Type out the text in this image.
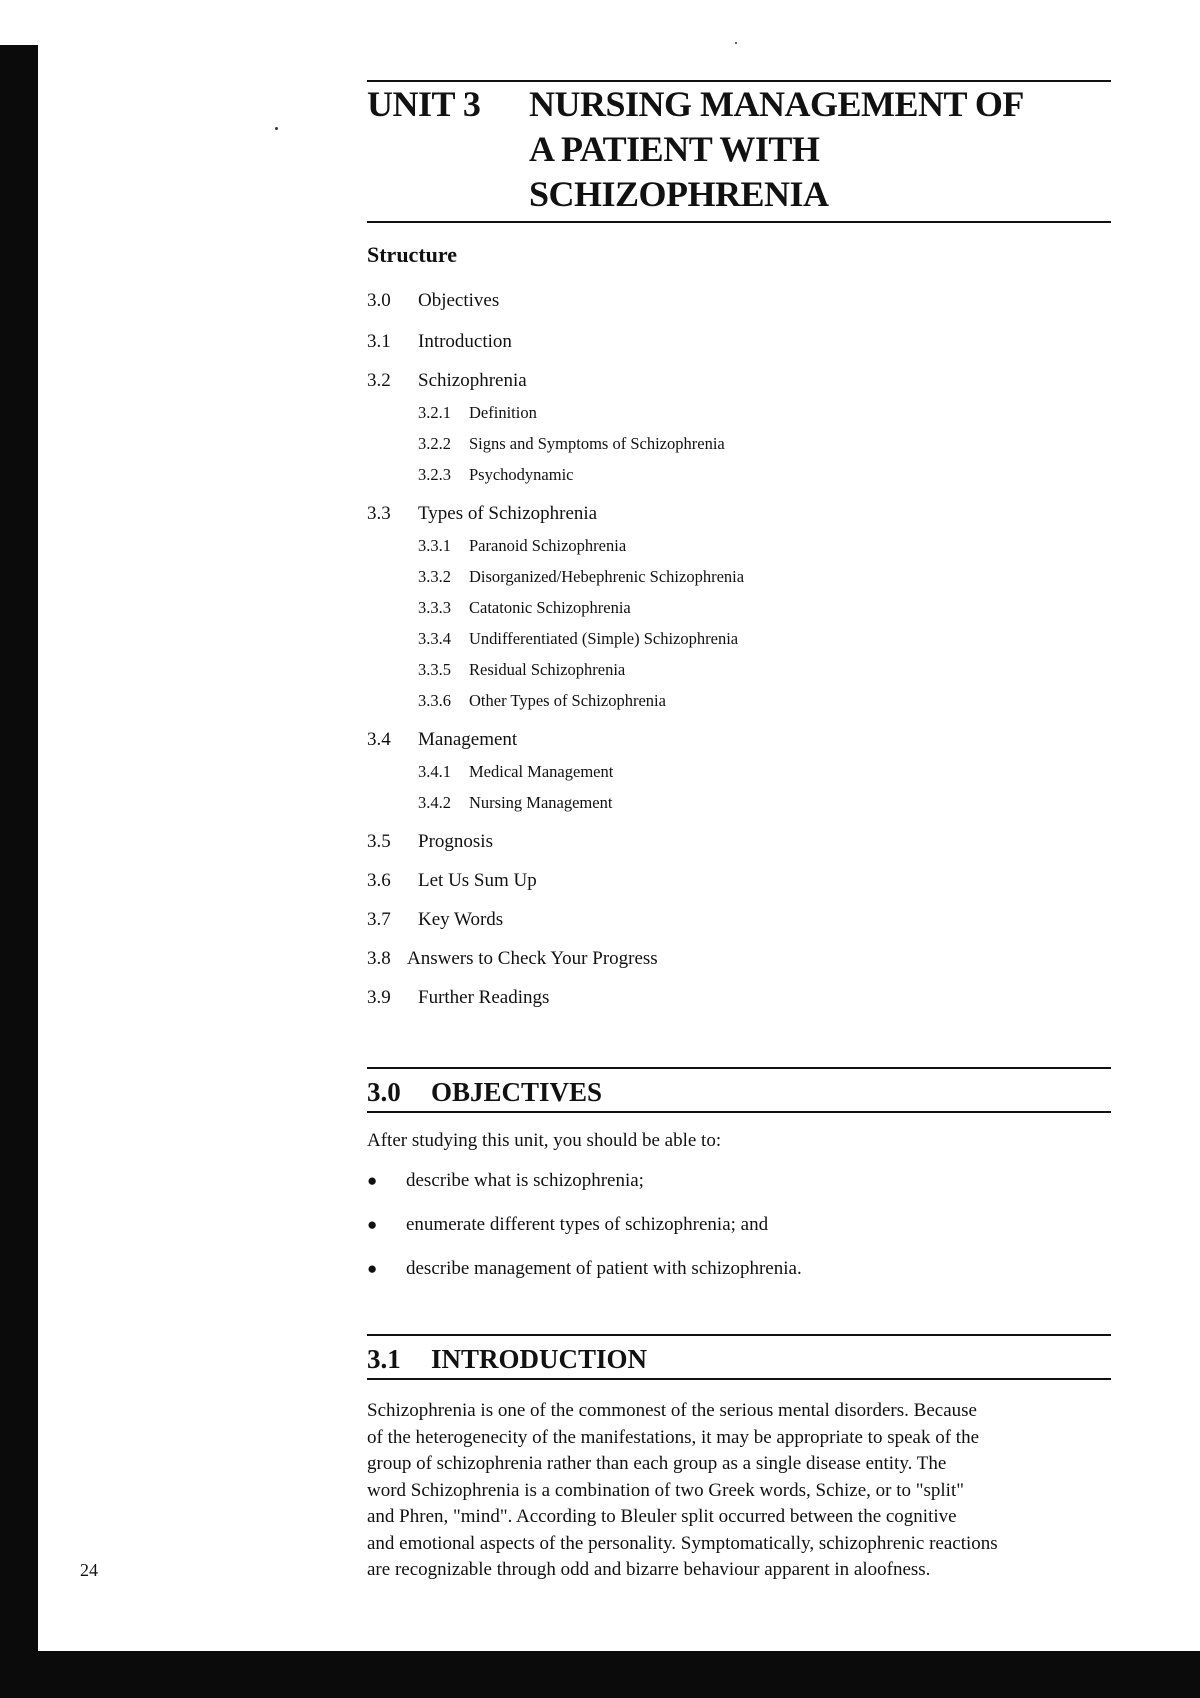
UNIT 3	NURSING MANAGEMENT OF
A PATIENT WITH
SCHIZOPHRENIA
Structure
3.0	Objectives
3.1	Introduction
3.2	Schizophrenia
3.2.1	Definition
3.2.2	Signs and Symptoms of Schizophrenia
3.2.3	Psychodynamic
3.3	Types of Schizophrenia
3.3.1	Paranoid Schizophrenia
3.3.2	Disorganized/Hebephrenic Schizophrenia
3.3.3	Catatonic Schizophrenia
3.3.4	Undifferentiated (Simple) Schizophrenia
3.3.5	Residual Schizophrenia
3.3.6	Other Types of Schizophrenia
3.4	Management
3.4.1	Medical Management
3.4.2	Nursing Management
3.5	Prognosis
3.6	Let Us Sum Up
3.7	Key Words
3.8 Answers to Check Your Progress
3.9	Further Readings
3.0	OBJECTIVES
After studying this unit, you should be able to:
●	describe what is schizophrenia;
●	enumerate different types of schizophrenia; and
●	describe management of patient with schizophrenia.
3.1	INTRODUCTION
Schizophrenia is one of the commonest of the serious mental disorders. Because
of the heterogenecity of the manifestations, it may be appropriate to speak of the
group of schizophrenia rather than each group as a single disease entity. The
word Schizophrenia is a combination of two Greek words, Schize, or to "split"
and Phren, "mind". According to Bleuler split occurred between the cognitive
and emotional aspects of the personality. Symptomatically, schizophrenic reactions
are recognizable through odd and bizarre behaviour apparent in aloofness.
24
